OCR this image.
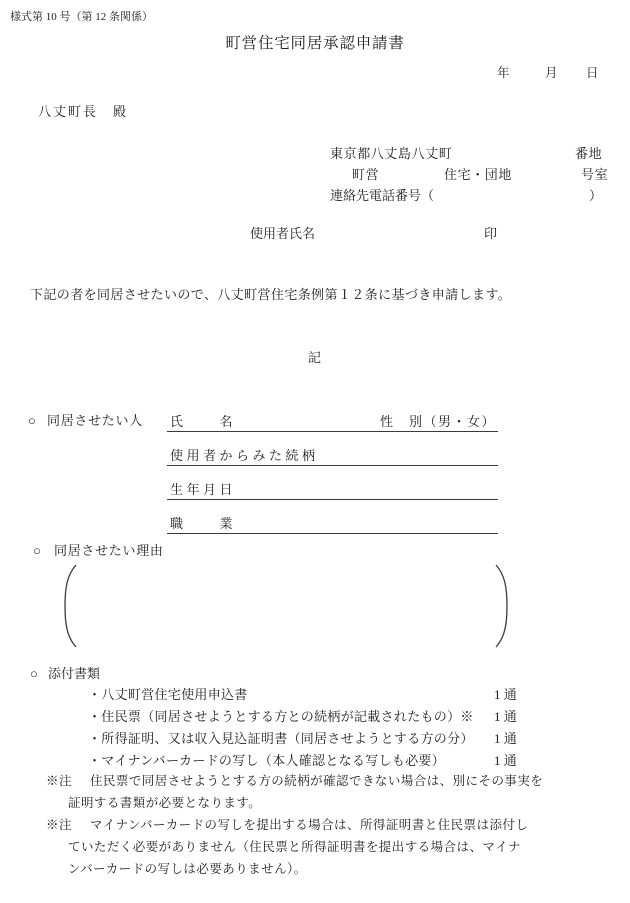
様式第 10 号（第 12 条関係）
町営住宅同居承認申請書
年	月 日
八丈町長　殿
東京都八丈島八丈町	番地
町営	住宅・団地	号室
連絡先電話番号（	）
使用者氏名	印
下記の者を同居させたいので、八丈町営住宅条例第１２条に基づき申請します。
記
○ 同居させたい人 氏　　名	性　別（男・女）
使用者からみた続柄
生年月日
職　　業
○ 同居させたい理由
○ 添付書類
・八丈町営住宅使用申込書	1 通
・住民票（同居させようとする方との続柄が記載されたもの）※ 1 通
・所得証明、又は収入見込証明書（同居させようとする方の分） 1 通
・マイナンバーカードの写し（本人確認となる写しも必要）	1 通
※注 住民票で同居させようとする方の続柄が確認できない場合は、別にその事実を
証明する書類が必要となります。
※注 マイナンバーカードの写しを提出する場合は、所得証明書と住民票は添付し
ていただく必要がありません（住民票と所得証明書を提出する場合は、マイナ
ンバーカードの写しは必要ありません）。
